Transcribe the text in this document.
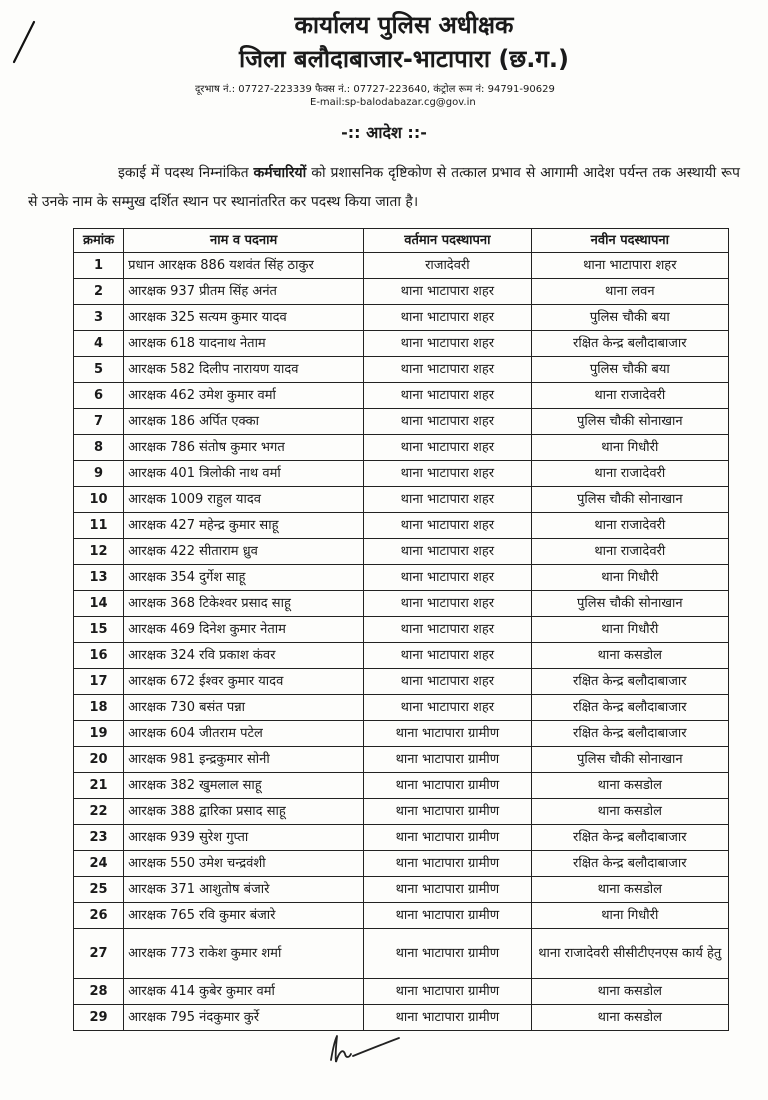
कार्यालय पुलिस अधीक्षक
जिला बलौदाबाजार-भाटापारा (छ.ग.)
दूरभाष नं.: 07727-223339 फैक्स नं.: 07727-223640, कंट्रोल रूम नं: 94791-90629
E-mail:sp-balodabazar.cg@gov.in
-:: आदेश ::-
इकाई में पदस्थ निम्नांकित कर्मचारियों को प्रशासनिक दृष्टिकोण से तत्काल प्रभाव से आगामी आदेश पर्यन्त तक अस्थायी रूप से उनके नाम के सम्मुख दर्शित स्थान पर स्थानांतरित कर पदस्थ किया जाता है।
क्रमांक	नाम व पदनाम	वर्तमान पदस्थापना	नवीन पदस्थापना
1	प्रधान आरक्षक 886 यशवंत सिंह ठाकुर	राजादेवरी	थाना भाटापारा शहर
2	आरक्षक 937 प्रीतम सिंह अनंत	थाना भाटापारा शहर	थाना लवन
3	आरक्षक 325 सत्यम कुमार यादव	थाना भाटापारा शहर	पुलिस चौकी बया
4	आरक्षक 618 यादनाथ नेताम	थाना भाटापारा शहर	रक्षित केन्द्र बलौदाबाजार
5	आरक्षक 582 दिलीप नारायण यादव	थाना भाटापारा शहर	पुलिस चौकी बया
6	आरक्षक 462 उमेश कुमार वर्मा	थाना भाटापारा शहर	थाना राजादेवरी
7	आरक्षक 186 अर्पित एक्का	थाना भाटापारा शहर	पुलिस चौकी सोनाखान
8	आरक्षक 786 संतोष कुमार भगत	थाना भाटापारा शहर	थाना गिधौरी
9	आरक्षक 401 त्रिलोकी नाथ वर्मा	थाना भाटापारा शहर	थाना राजादेवरी
10	आरक्षक 1009 राहुल यादव	थाना भाटापारा शहर	पुलिस चौकी सोनाखान
11	आरक्षक 427 महेन्द्र कुमार साहू	थाना भाटापारा शहर	थाना राजादेवरी
12	आरक्षक 422 सीताराम ध्रुव	थाना भाटापारा शहर	थाना राजादेवरी
13	आरक्षक 354 दुर्गेश साहू	थाना भाटापारा शहर	थाना गिधौरी
14	आरक्षक 368 टिकेश्वर प्रसाद साहू	थाना भाटापारा शहर	पुलिस चौकी सोनाखान
15	आरक्षक 469 दिनेश कुमार नेताम	थाना भाटापारा शहर	थाना गिधौरी
16	आरक्षक 324 रवि प्रकाश कंवर	थाना भाटापारा शहर	थाना कसडोल
17	आरक्षक 672 ईश्वर कुमार यादव	थाना भाटापारा शहर	रक्षित केन्द्र बलौदाबाजार
18	आरक्षक 730 बसंत पन्ना	थाना भाटापारा शहर	रक्षित केन्द्र बलौदाबाजार
19	आरक्षक 604 जीतराम पटेल	थाना भाटापारा ग्रामीण	रक्षित केन्द्र बलौदाबाजार
20	आरक्षक 981 इन्द्रकुमार सोनी	थाना भाटापारा ग्रामीण	पुलिस चौकी सोनाखान
21	आरक्षक 382 खुमलाल साहू	थाना भाटापारा ग्रामीण	थाना कसडोल
22	आरक्षक 388 द्वारिका प्रसाद साहू	थाना भाटापारा ग्रामीण	थाना कसडोल
23	आरक्षक 939 सुरेश गुप्ता	थाना भाटापारा ग्रामीण	रक्षित केन्द्र बलौदाबाजार
24	आरक्षक 550 उमेश चन्द्रवंशी	थाना भाटापारा ग्रामीण	रक्षित केन्द्र बलौदाबाजार
25	आरक्षक 371 आशुतोष बंजारे	थाना भाटापारा ग्रामीण	थाना कसडोल
26	आरक्षक 765 रवि कुमार बंजारे	थाना भाटापारा ग्रामीण	थाना गिधौरी
27	आरक्षक 773 राकेश कुमार शर्मा	थाना भाटापारा ग्रामीण	थाना राजादेवरी सीसीटीएनएस कार्य हेतु
28	आरक्षक 414 कुबेर कुमार वर्मा	थाना भाटापारा ग्रामीण	थाना कसडोल
29	आरक्षक 795 नंदकुमार कुर्रे	थाना भाटापारा ग्रामीण	थाना कसडोल
